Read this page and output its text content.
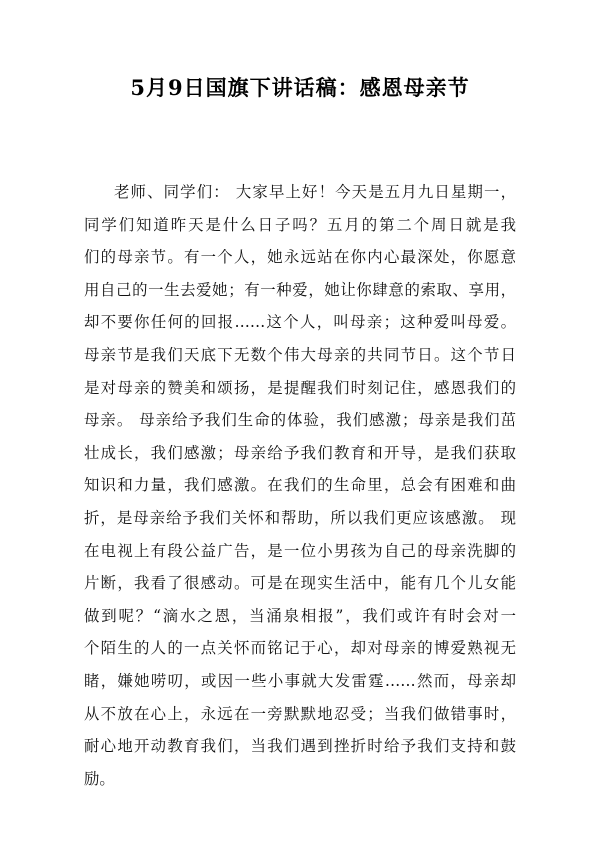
5月9日国旗下讲话稿：感恩母亲节
老师、同学们： 大家早上好！今天是五月九日星期一，
同学们知道昨天是什么日子吗？五月的第二个周日就是我
们的母亲节。有一个人，她永远站在你内心最深处，你愿意
用自己的一生去爱她；有一种爱，她让你肆意的索取、享用，
却不要你任何的回报……这个人，叫母亲；这种爱叫母爱。
母亲节是我们天底下无数个伟大母亲的共同节日。这个节日
是对母亲的赞美和颂扬，是提醒我们时刻记住，感恩我们的
母亲。 母亲给予我们生命的体验，我们感激；母亲是我们茁
壮成长，我们感激；母亲给予我们教育和开导，是我们获取
知识和力量，我们感激。在我们的生命里，总会有困难和曲
折，是母亲给予我们关怀和帮助，所以我们更应该感激。 现
在电视上有段公益广告，是一位小男孩为自己的母亲洗脚的
片断，我看了很感动。可是在现实生活中，能有几个儿女能
做到呢？“滴水之恩，当涌泉相报”，我们或许有时会对一
个陌生的人的一点关怀而铭记于心，却对母亲的博爱熟视无
睹，嫌她唠叨，或因一些小事就大发雷霆……然而，母亲却
从不放在心上，永远在一旁默默地忍受；当我们做错事时，
耐心地开动教育我们，当我们遇到挫折时给予我们支持和鼓
励。
